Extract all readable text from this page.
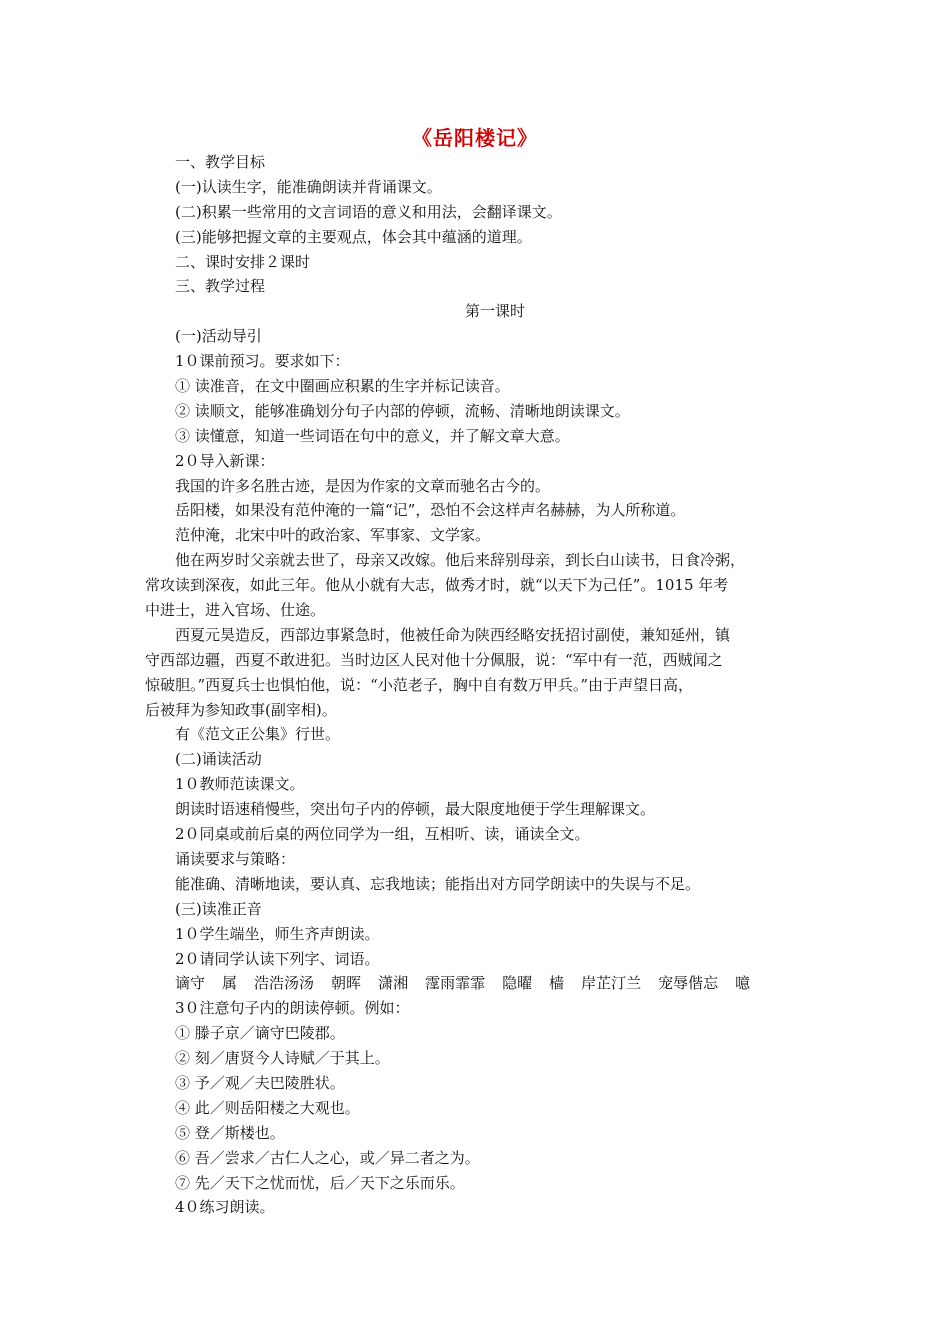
《岳阳楼记》
一、教学目标
(一)认读生字，能准确朗读并背诵课文。
(二)积累一些常用的文言词语的意义和用法，会翻译课文。
(三)能够把握文章的主要观点，体会其中蕴涵的道理。
二、课时安排２课时
三、教学过程
第一课时
(一)活动导引
1０课前预习。要求如下：
① 读准音，在文中圈画应积累的生字并标记读音。
② 读顺文，能够准确划分句子内部的停顿，流畅、清晰地朗读课文。
③ 读懂意，知道一些词语在句中的意义，并了解文章大意。
2０导入新课：
我国的许多名胜古迹，是因为作家的文章而驰名古今的。
岳阳楼，如果没有范仲淹的一篇“记”，恐怕不会这样声名赫赫，为人所称道。
范仲淹，北宋中叶的政治家、军事家、文学家。
他在两岁时父亲就去世了，母亲又改嫁。他后来辞别母亲，到长白山读书，日食冷粥，
常攻读到深夜，如此三年。他从小就有大志，做秀才时，就“以天下为己任”。1015 年考
中进士，进入官场、仕途。
西夏元昊造反，西部边事紧急时，他被任命为陕西经略安抚招讨副使，兼知延州，镇
守西部边疆，西夏不敢进犯。当时边区人民对他十分佩服，说：“军中有一范，西贼闻之
惊破胆。”西夏兵士也惧怕他，说：“小范老子，胸中自有数万甲兵。”由于声望日高，
后被拜为参知政事(副宰相)。
有《范文正公集》行世。
(二)诵读活动
1０教师范读课文。
朗读时语速稍慢些，突出句子内的停顿，最大限度地便于学生理解课文。
2０同桌或前后桌的两位同学为一组，互相听、读，诵读全文。
诵读要求与策略：
能准确、清晰地读，要认真、忘我地读；能指出对方同学朗读中的失误与不足。
(三)读准正音
1０学生端坐，师生齐声朗读。
2０请同学认读下列字、词语。
谪守 属 浩浩汤汤 朝晖 潇湘 霪雨霏霏 隐曜 樯 岸芷汀兰 宠辱偕忘 噫
3０注意句子内的朗读停顿。例如：
① 滕子京／谪守巴陵郡。
② 刻／唐贤今人诗赋／于其上。
③ 予／观／夫巴陵胜状。
④ 此／则岳阳楼之大观也。
⑤ 登／斯楼也。
⑥ 吾／尝求／古仁人之心，或／异二者之为。
⑦ 先／天下之忧而忧，后／天下之乐而乐。
4０练习朗读。
